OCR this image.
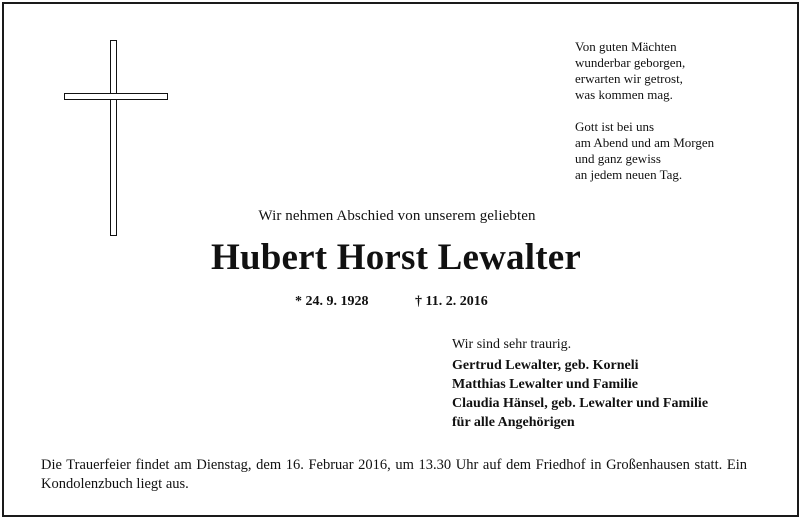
Von guten Mächten
wunderbar geborgen,
erwarten wir getrost,
was kommen mag.
Gott ist bei uns
am Abend und am Morgen
und ganz gewiss
an jedem neuen Tag.
Wir nehmen Abschied von unserem geliebten
Hubert Horst Lewalter
* 24. 9. 1928	† 11. 2. 2016
Wir sind sehr traurig.
Gertrud Lewalter, geb. Korneli
Matthias Lewalter und Familie
Claudia Hänsel, geb. Lewalter und Familie
für alle Angehörigen
Die Trauerfeier findet am Dienstag, dem 16. Februar 2016, um 13.30 Uhr auf dem Friedhof in Großenhausen statt. Ein Kondolenzbuch liegt aus.
